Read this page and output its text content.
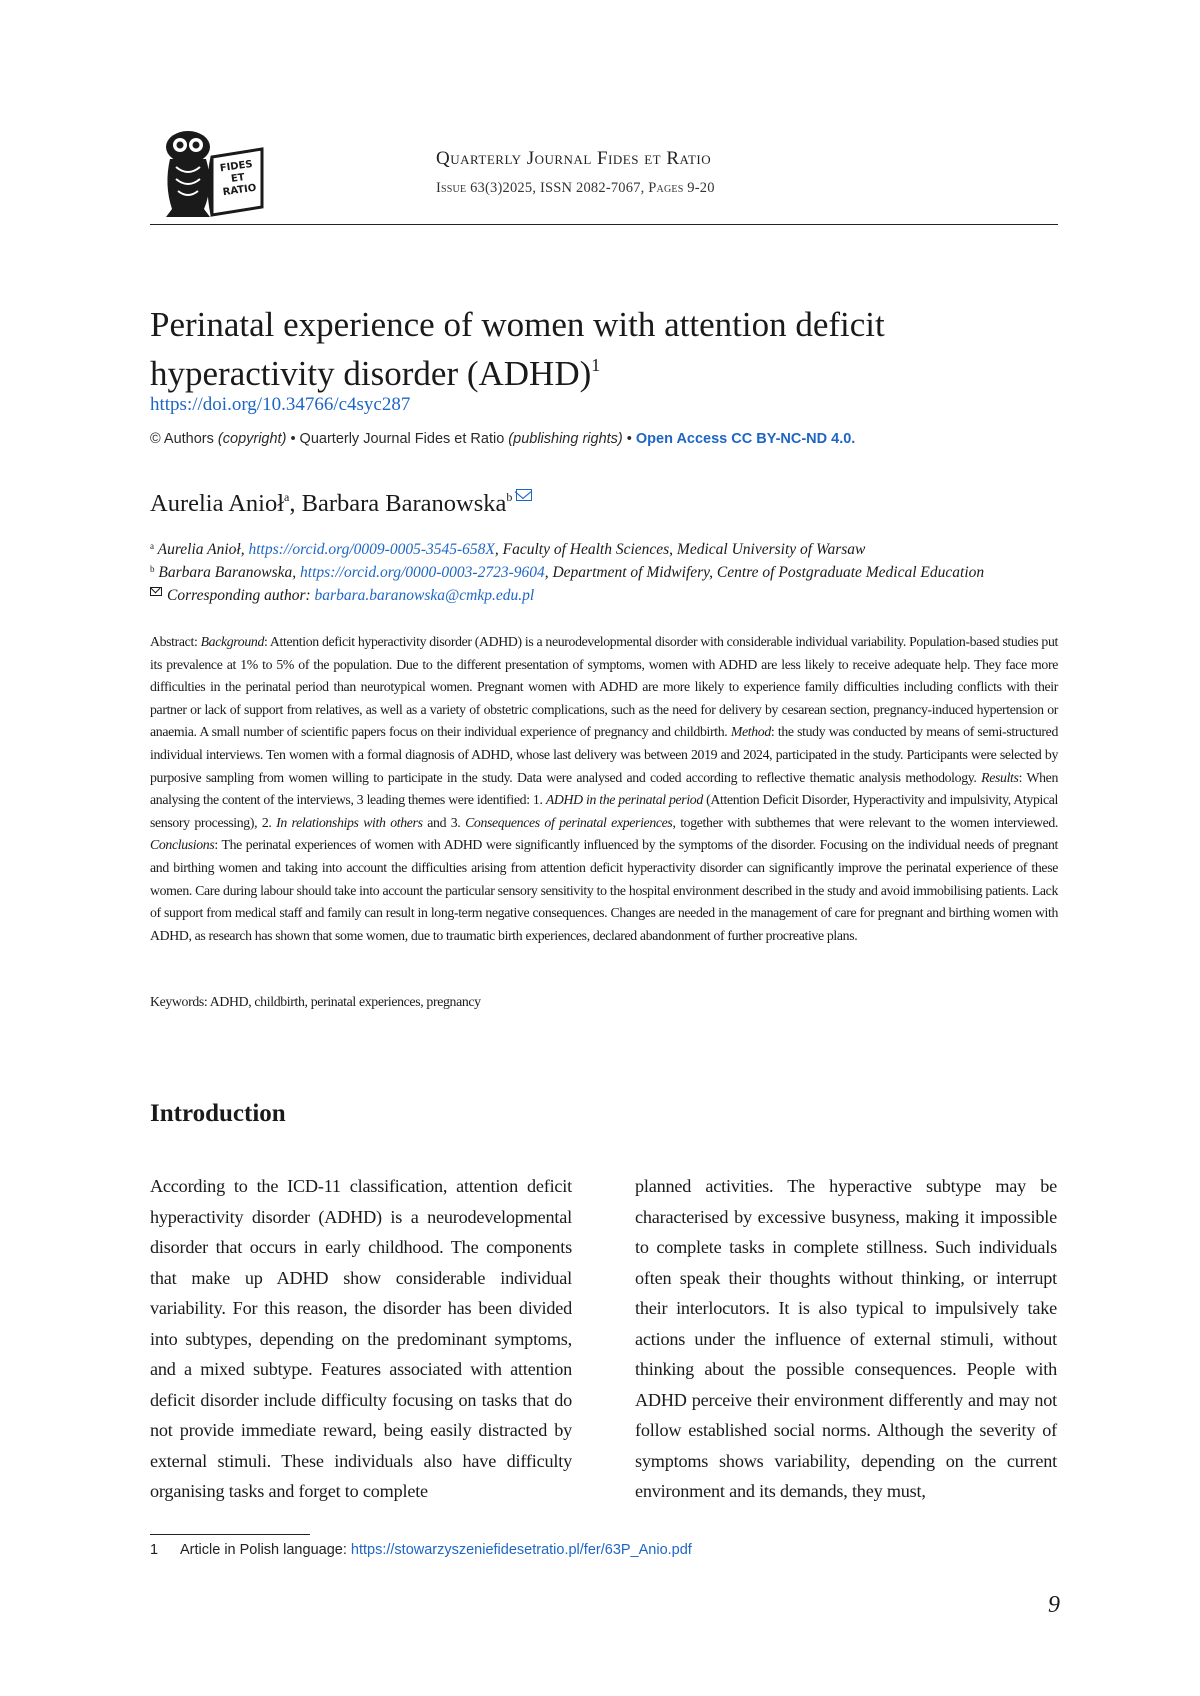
FIDES ET RATIO
Quarterly Journal Fides et Ratio
Issue 63(3)2025, ISSN 2082-7067, Pages 9-20
Perinatal experience of women with attention deficit hyperactivity disorder (ADHD)$^1$
https://doi.org/10.34766/c4syc287
© Authors (copyright) • Quarterly Journal Fides et Ratio (publishing rights) • Open Access CC BY-NC-ND 4.0.
Aurelia Anioł$^a$, Barbara Baranowska$^b$
$^a$ Aurelia Anioł, https://orcid.org/0009-0005-3545-658X, Faculty of Health Sciences, Medical University of Warsaw
$^b$ Barbara Baranowska, https://orcid.org/0000-0003-2723-9604, Department of Midwifery, Centre of Postgraduate Medical Education
Corresponding author: barbara.baranowska@cmkp.edu.pl
Abstract: Background: Attention deficit hyperactivity disorder (ADHD) is a neurodevelopmental disorder with considerable individual variability. Population-based studies put its prevalence at 1% to 5% of the population. Due to the different presentation of symptoms, women with ADHD are less likely to receive adequate help. They face more difficulties in the perinatal period than neurotypical women. Pregnant women with ADHD are more likely to experience family difficulties including conflicts with their partner or lack of support from relatives, as well as a variety of obstetric complications, such as the need for delivery by cesarean section, pregnancy-induced hypertension or anaemia. A small number of scientific papers focus on their individual experience of pregnancy and childbirth. Method: the study was conducted by means of semi-structured individual interviews. Ten women with a formal diagnosis of ADHD, whose last delivery was between 2019 and 2024, participated in the study. Participants were selected by purposive sampling from women willing to participate in the study. Data were analysed and coded according to reflective thematic analysis methodology. Results: When analysing the content of the interviews, 3 leading themes were identified: 1. ADHD in the perinatal period (Attention Deficit Disorder, Hyperactivity and impulsivity, Atypical sensory processing), 2. In relationships with others and 3. Consequences of perinatal experiences, together with subthemes that were relevant to the women interviewed. Conclusions: The perinatal experiences of women with ADHD were significantly influenced by the symptoms of the disorder. Focusing on the individual needs of pregnant and birthing women and taking into account the difficulties arising from attention deficit hyperactivity disorder can significantly improve the perinatal experience of these women. Care during labour should take into account the particular sensory sensitivity to the hospital environment described in the study and avoid immobilising patients. Lack of support from medical staff and family can result in long-term negative consequences. Changes are needed in the management of care for pregnant and birthing women with ADHD, as research has shown that some women, due to traumatic birth experiences, declared abandonment of further procreative plans.
Keywords: ADHD, childbirth, perinatal experiences, pregnancy
Introduction
According to the ICD-11 classification, attention deficit hyperactivity disorder (ADHD) is a neurodevelopmental disorder that occurs in early childhood. The components that make up ADHD show considerable individual variability. For this reason, the disorder has been divided into subtypes, depending on the predominant symptoms, and a mixed subtype. Features associated with attention deficit disorder include difficulty focusing on tasks that do not provide immediate reward, being easily distracted by external stimuli. These individuals also have difficulty organising tasks and forget to complete
planned activities. The hyperactive subtype may be characterised by excessive busyness, making it impossible to complete tasks in complete stillness. Such individuals often speak their thoughts without thinking, or interrupt their interlocutors. It is also typical to impulsively take actions under the influence of external stimuli, without thinking about the possible consequences. People with ADHD perceive their environment differently and may not follow established social norms. Although the severity of symptoms shows variability, depending on the current environment and its demands, they must,
1 Article in Polish language: https://stowarzyszeniefidesetratio.pl/fer/63P_Anio.pdf
9
